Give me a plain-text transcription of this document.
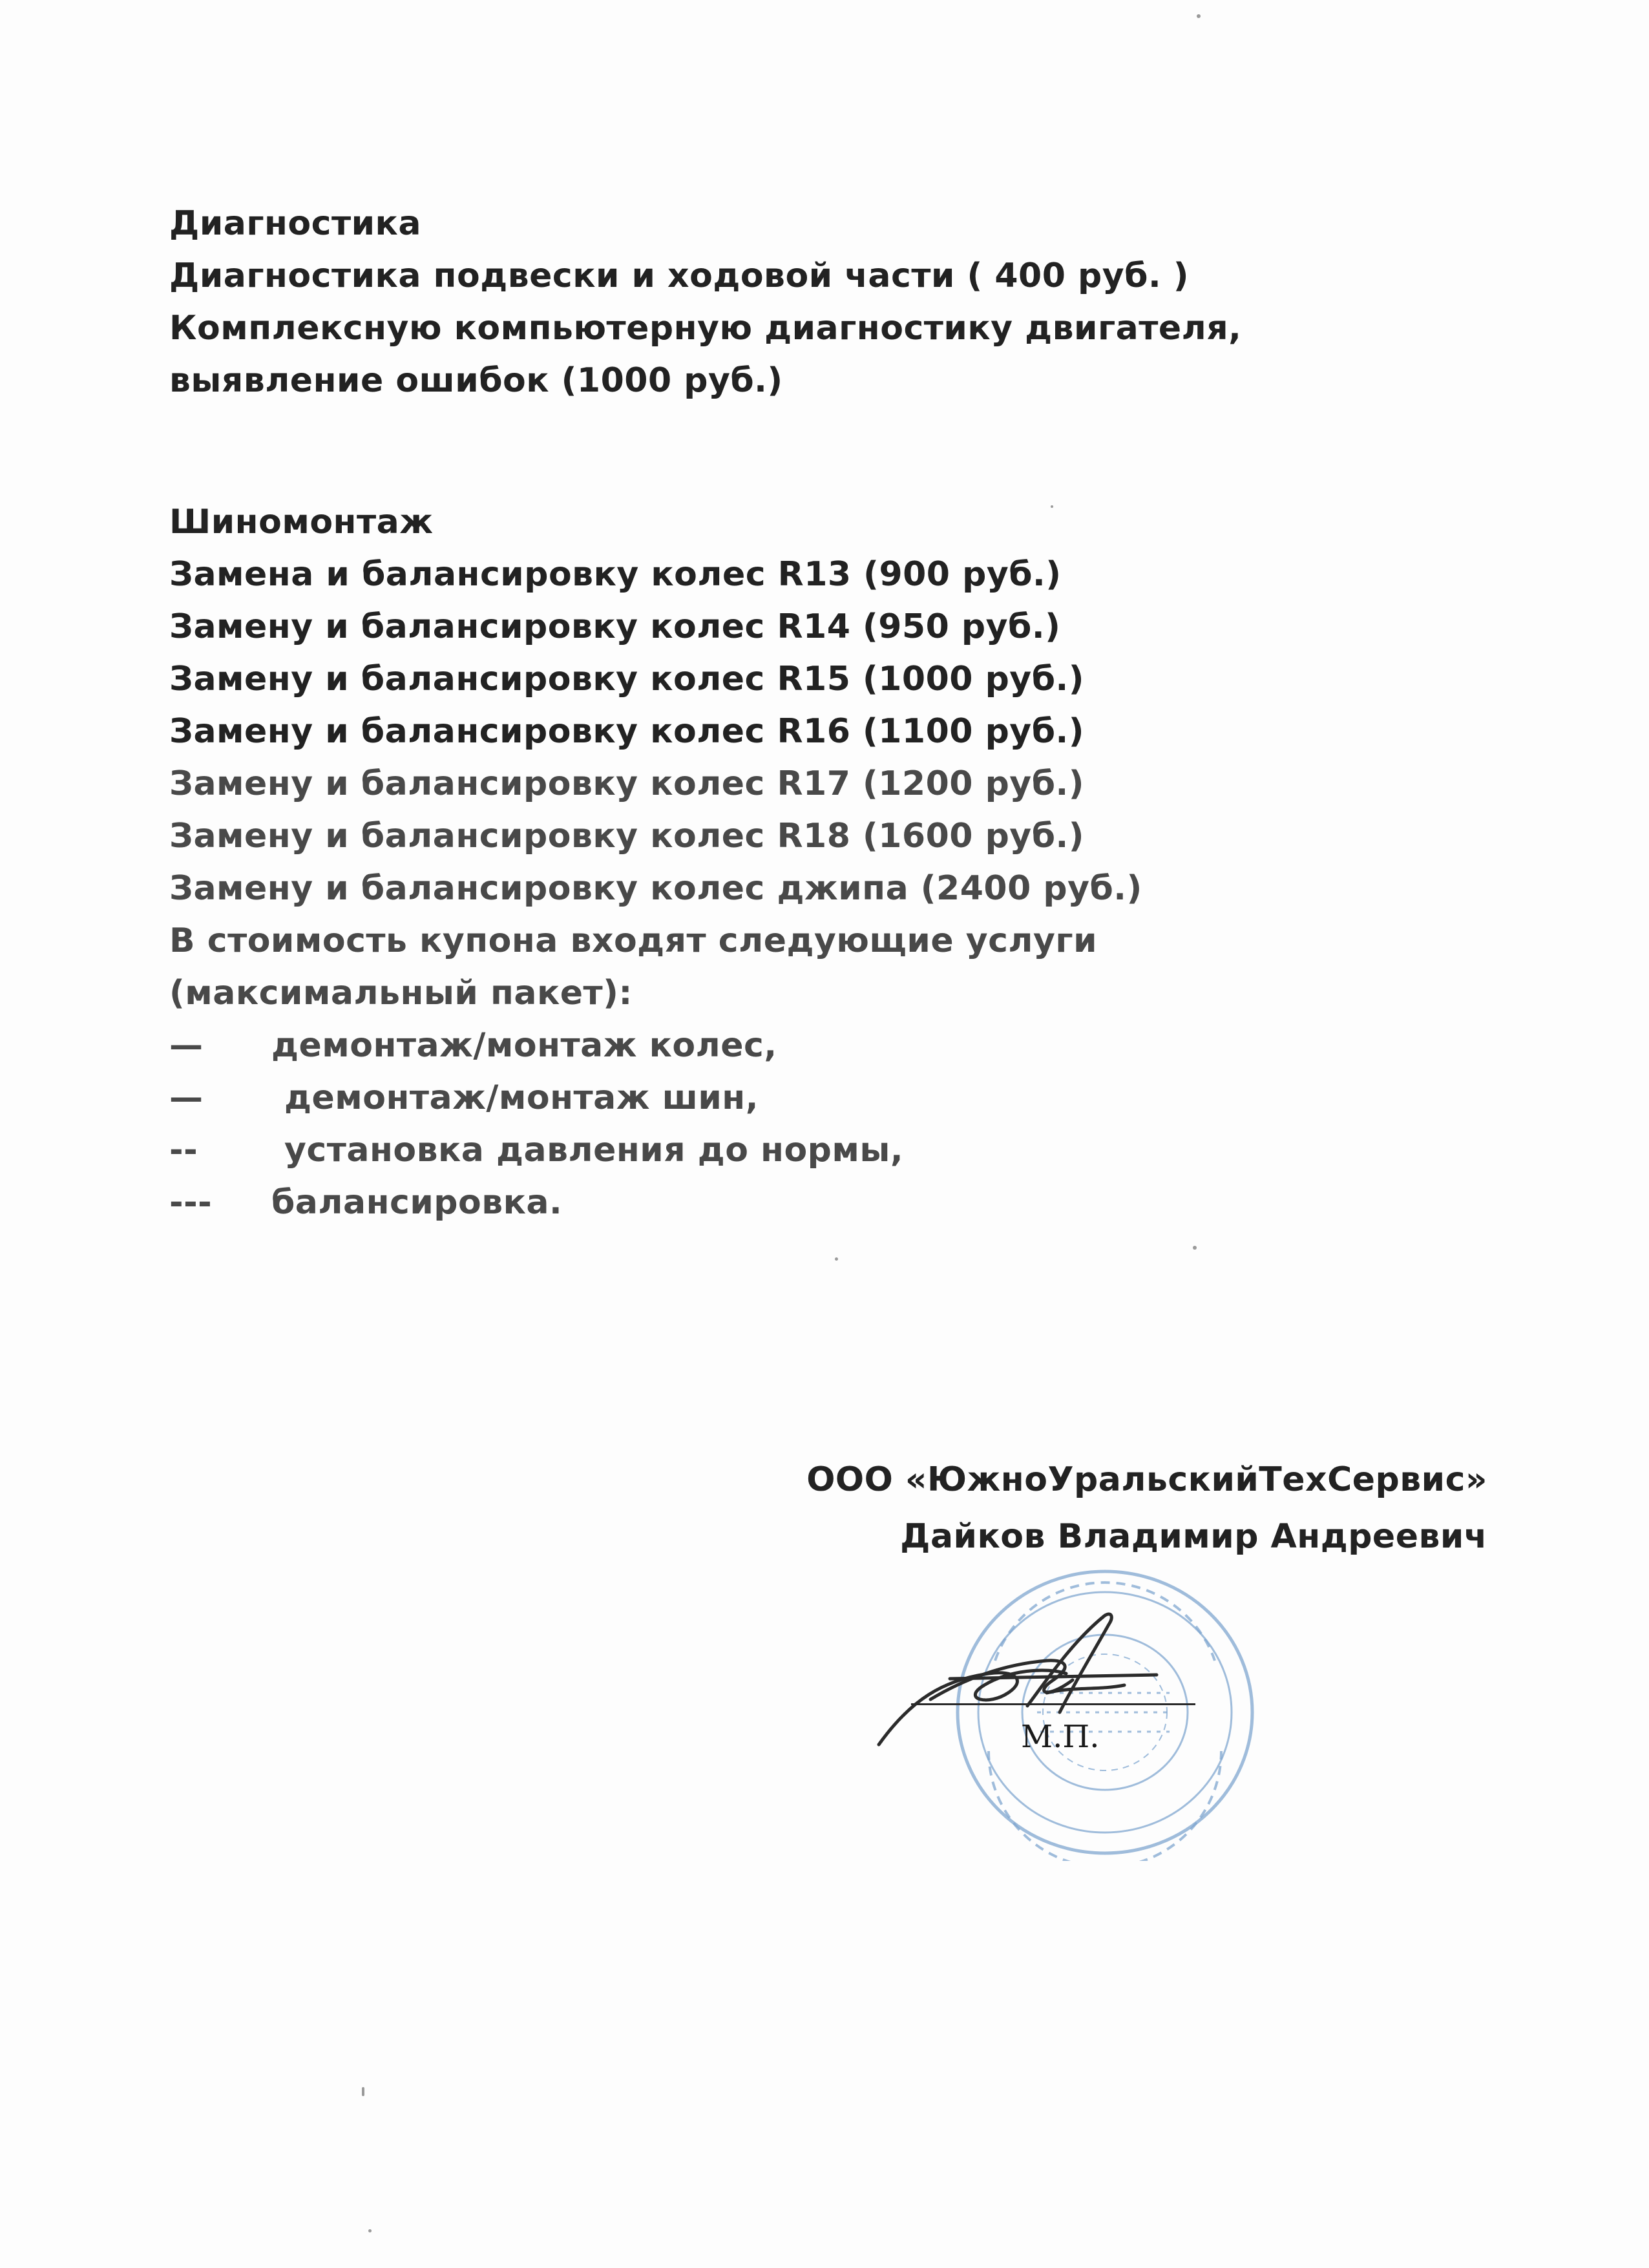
Диагностика
Диагностика подвески и ходовой части ( 400 руб. )
Комплексную компьютерную диагностику двигателя,
выявление ошибок (1000 руб.)
Шиномонтаж
Замена и балансировку колес R13 (900 руб.)
Замену и балансировку колес R14 (950 руб.)
Замену и балансировку колес R15 (1000 руб.)
Замену и балансировку колес R16 (1100 руб.)
Замену и балансировку колес R17 (1200 руб.)
Замену и балансировку колес R18 (1600 руб.)
Замену и балансировку колес джипа (2400 руб.)
В стоимость купона входят следующие услуги
(максимальный пакет):
—	демонтаж/монтаж колес,
—	демонтаж/монтаж шин,
--	установка давления до нормы,
---	балансировка.
ООО «ЮжноУральскийТехСервис»
Дайков Владимир Андреевич
М.П.
